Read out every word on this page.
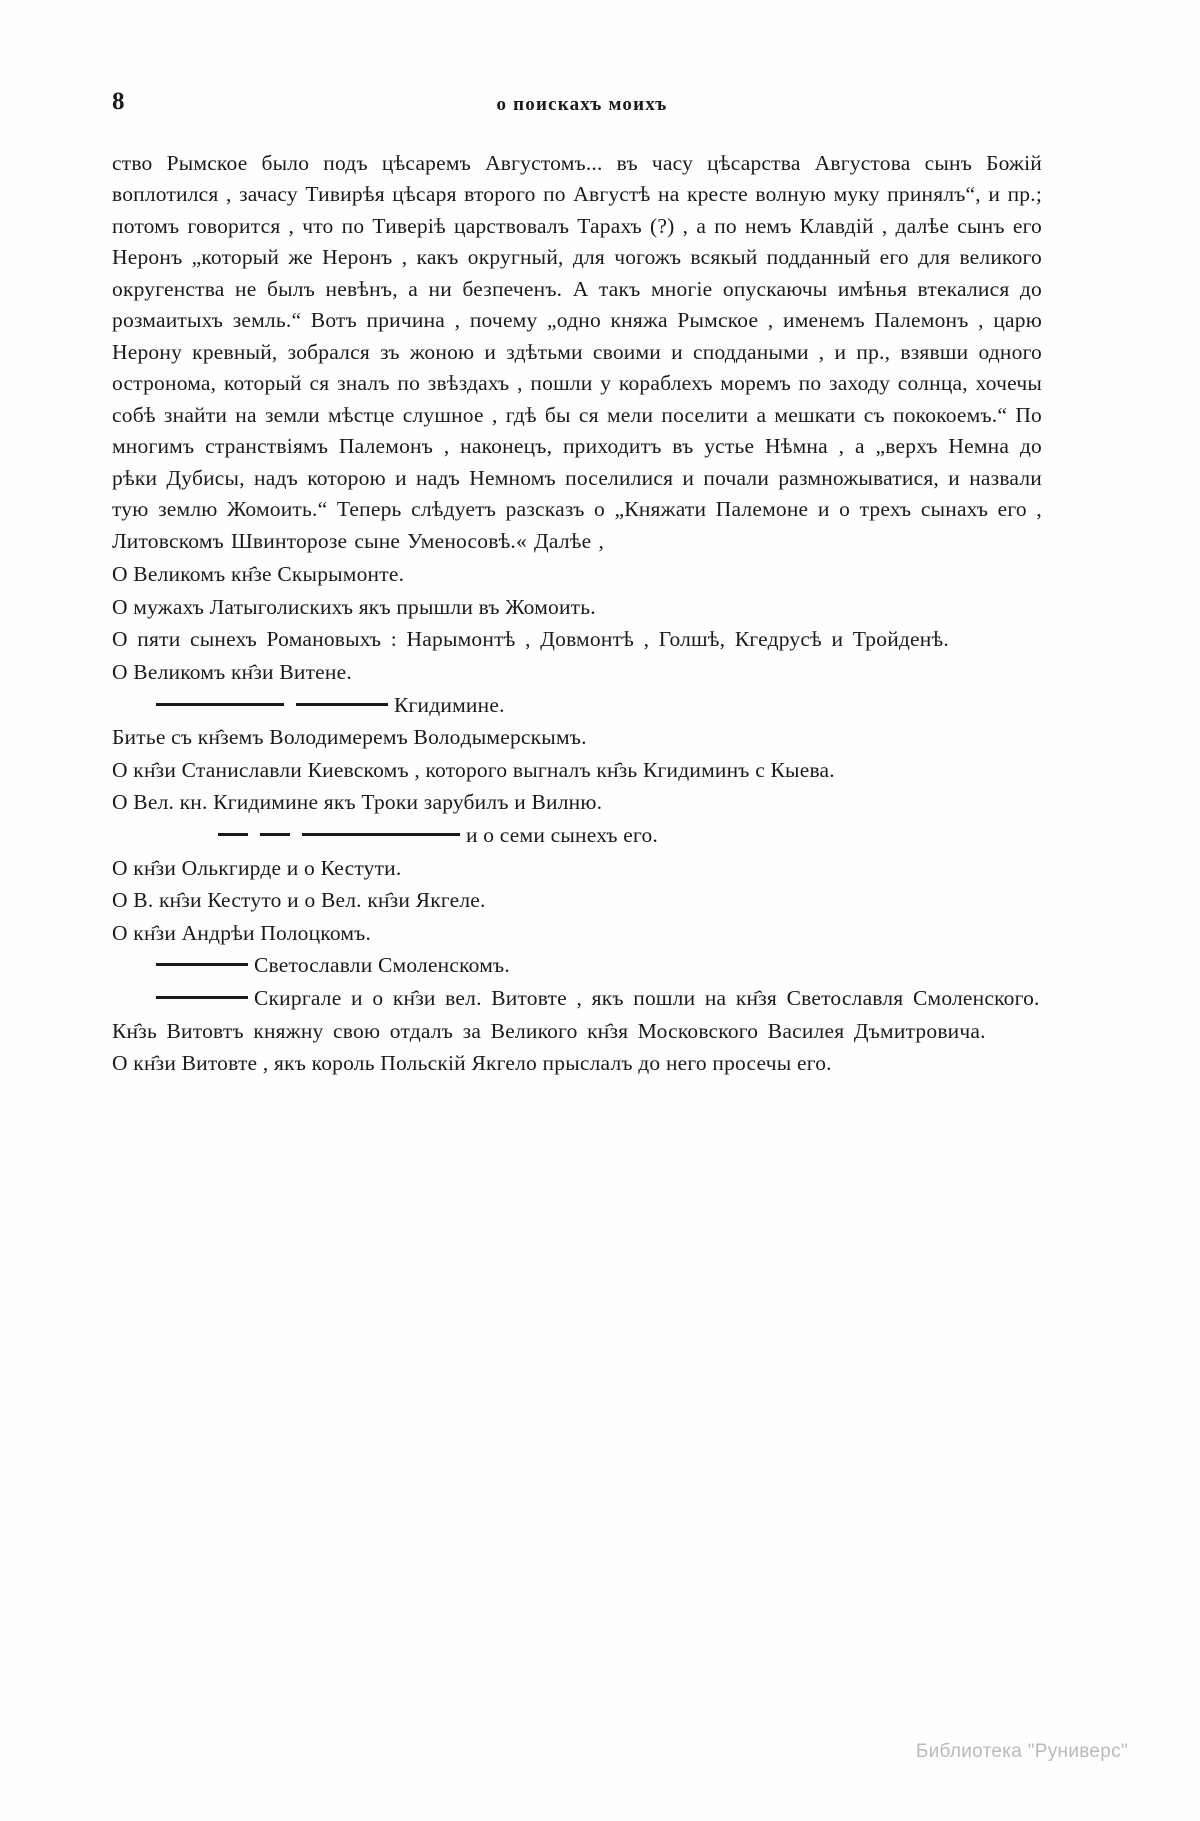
8	о поискахъ моихъ

ство Рымское было подъ цѣсаремъ Августомъ... въ часу цѣсарства Августова сынъ Божій воплотился , зачасу Тивирѣя цѣсаря второго по Августѣ на кресте волную муку принялъ“, и пр.; потомъ говорится , что по Тиверіѣ царствовалъ Тарахъ (?) , а по немъ Клавдій , далѣе сынъ его Неронъ „который же Неронъ , какъ округный, для чогожъ всякый подданный его для великого округенства не былъ невѣнъ, а ни безпеченъ. А такъ многіе опускаючы имѣнья втекалися до розмаитыхъ земль.“ Вотъ причина , почему „одно княжа Рымское , именемъ Палемонъ , царю Нерону кревный, зобрался зъ жоною и здѣтьми своими и споддаными , и пр., взявши одного остронома, который ся зналъ по звѣздахъ , пошли у кораблехъ моремъ по заходу солнца, хочечы собѣ знайти на земли мѣстце слушное , гдѣ бы ся мели поселити а мешкати съ пококоемъ.“ По многимъ странствіямъ Палемонъ , наконецъ, приходитъ въ устье Нѣмна , а „верхъ Немна до рѣки Дубисы, надъ которою и надъ Немномъ поселилися и почали размножыватися, и назвали тую землю Жомоить.“ Теперь слѣдуетъ разсказъ о „Княжати Палемоне и о трехъ сынахъ его , Литовскомъ Швинторозе сыне Уменосовѣ.« Далѣе ,

О Великомъ кн҄зе Скырымонте.
О мужахъ Латыголискихъ якъ прышли въ Жомоить.
О пяти сынехъ Романовыхъ : Нарымонтѣ , Довмонтѣ , Голшѣ, Кгедрусѣ и Тройденѣ.
О Великомъ кн҄зи Витене.
Кгидимине.
Битье съ кн҄земъ Володимеремъ Волoдымерскымъ.
О кн҄зи Станиславли Киевскомъ , которого выгналъ кн҄зь Кгидиминъ с Кыева.
О Вел. кн. Кгидимине якъ Троки зарубилъ и Вилню.
и о семи сынехъ его.
О кн҄зи Олькгирде и о Кестути.
О В. кн҄зи Кестуто и о Вел. кн҄зи Якгеле.
О кн҄зи Андрѣи Полоцкомъ.
Светославли Смоленскомъ.
Скиргале и о кн҄зи вел. Витовте , якъ пошли на кн҄зя Светославля Смоленского.
Кн҄зь Витовтъ княжну свою отдалъ за Великого кн҄зя Московского Василея Дъмитровича.
О кн҄зи Витовте , якъ король Польскій Якгело прыслалъ до него просечы его.
Библиотека "Руниверс"
